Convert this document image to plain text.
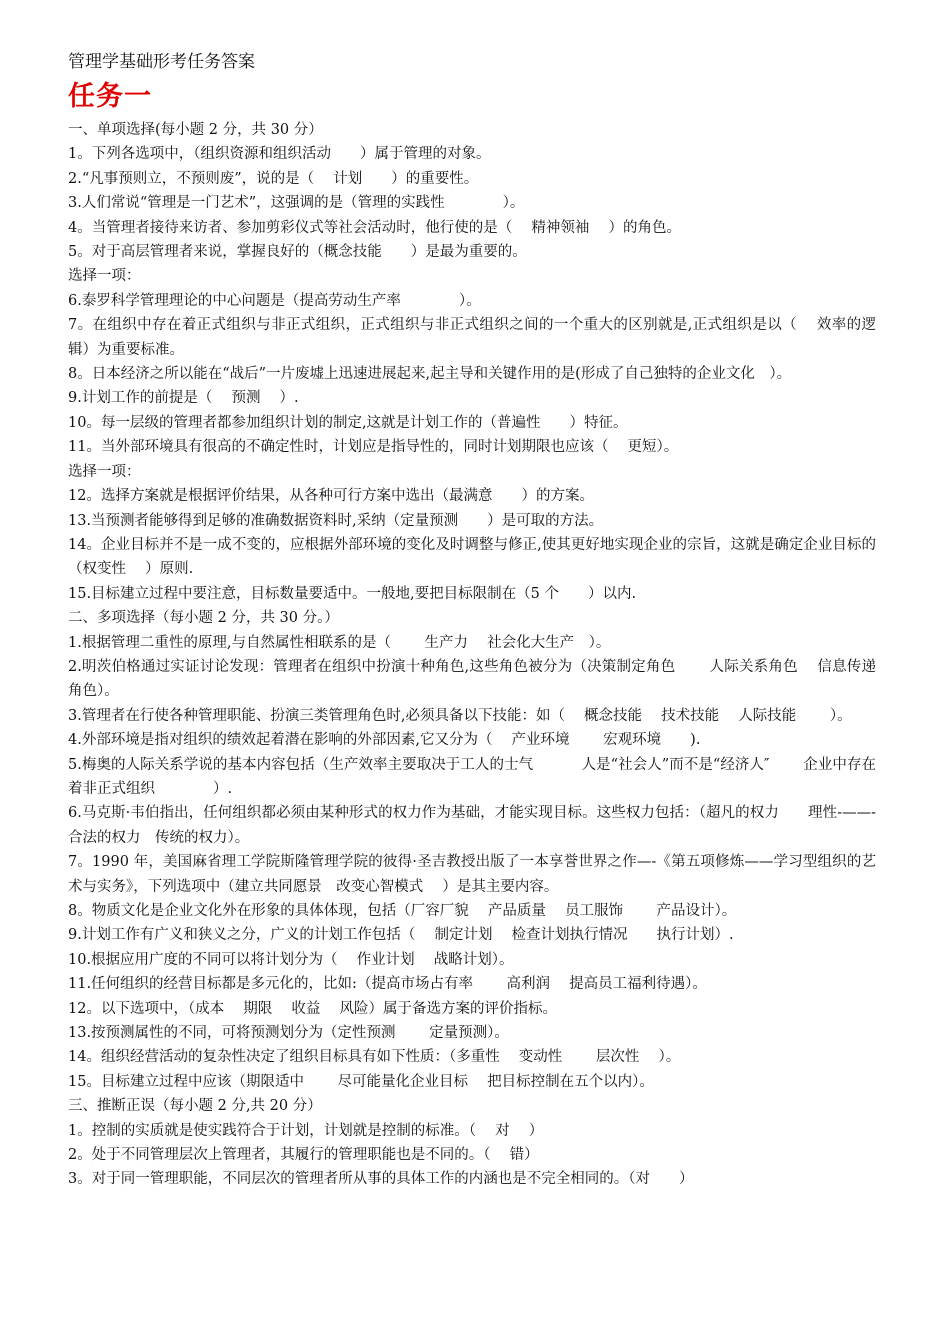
管理学基础形考任务答案
任务一

一、单项选择(每小题 2 分，共 30 分）

1。下列各选项中，（组织资源和组织活动　　）属于管理的对象。

2.“凡事预则立，不预则废”，说的是（　 计划　　）的重要性。

3.人们常说“管理是一门艺术”，这强调的是（管理的实践性　　　　）。

4。当管理者接待来访者、参加剪彩仪式等社会活动时，他行使的是（　 精神领袖　 ）的角色。

5。对于高层管理者来说，掌握良好的（概念技能　　）是最为重要的。

选择一项：

6.泰罗科学管理理论的中心问题是（提高劳动生产率　　　　）。

7。在组织中存在着正式组织与非正式组织，正式组织与非正式组织之间的一个重大的区别就是,正式组织是以（　 效率的逻辑）为重要标准。

8。日本经济之所以能在“战后”一片废墟上迅速进展起来,起主导和关键作用的是(形成了自己独特的企业文化　）。

9.计划工作的前提是（　 预测　 ）.

10。每一层级的管理者都参加组织计划的制定,这就是计划工作的（普遍性　　）特征。

11。当外部环境具有很高的不确定性时，计划应是指导性的，同时计划期限也应该（　 更短）。

选择一项：

12。选择方案就是根据评价结果，从各种可行方案中选出（最满意　　）的方案。

13.当预测者能够得到足够的准确数据资料时,采纳（定量预测　　）是可取的方法。

14。企业目标并不是一成不变的，应根据外部环境的变化及时调整与修正,使其更好地实现企业的宗旨，这就是确定企业目标的（权变性　 ）原则.

15.目标建立过程中要注意，目标数量要适中。一般地,要把目标限制在（5 个　　）以内.

二、多项选择（每小题 2 分，共 30 分。）

1.根据管理二重性的原理,与自然属性相联系的是（　　 生产力　 社会化大生产　）。

2.明茨伯格通过实证讨论发现：管理者在组织中扮演十种角色,这些角色被分为（决策制定角色　　 人际关系角色　 信息传递角色）。

3.管理者在行使各种管理职能、扮演三类管理角色时,必须具备以下技能：如（　 概念技能　 技术技能　 人际技能　　 ）。

4.外部环境是指对组织的绩效起着潜在影响的外部因素,它又分为（　 产业环境　　 宏观环境　　).

5.梅奥的人际关系学说的基本内容包括（生产效率主要取决于工人的士气　　　 人是“社会人”而不是“经济人″　　 企业中存在着非正式组织　　　　）.

6.马克斯·韦伯指出，任何组织都必须由某种形式的权力作为基础，才能实现目标。这些权力包括：（超凡的权力　　理性-——-合法的权力　传统的权力）。

7。1990 年，美国麻省理工学院斯隆管理学院的彼得·圣吉教授出版了一本享誉世界之作—-《第五项修炼——学习型组织的艺术与实务》，下列选项中（建立共同愿景　改变心智模式　 ）是其主要内容。

8。物质文化是企业文化外在形象的具体体现，包括（厂容厂貌　 产品质量　 员工服饰　　 产品设计）。

9.计划工作有广义和狭义之分，广义的计划工作包括（　 制定计划　 检查计划执行情况　　执行计划）.

10.根据应用广度的不同可以将计划分为（　 作业计划　 战略计划）。

11.任何组织的经营目标都是多元化的，比如:（提高市场占有率　　 高利润　 提高员工福利待遇）。

12。以下选项中，（成本　 期限　 收益　 风险）属于备选方案的评价指标。

13.按预测属性的不同，可将预测划分为（定性预测　　 定量预测）。

14。组织经营活动的复杂性决定了组织目标具有如下性质：（多重性　 变动性　　 层次性　 ）。

15。目标建立过程中应该（期限适中　　 尽可能量化企业目标　 把目标控制在五个以内）。

三、推断正误（每小题 2 分,共 20 分）

1。控制的实质就是使实践符合于计划，计划就是控制的标准。（　 对　 ）

2。处于不同管理层次上管理者，其履行的管理职能也是不同的。（　 错）

3。对于同一管理职能，不同层次的管理者所从事的具体工作的内涵也是不完全相同的。（对　　）
